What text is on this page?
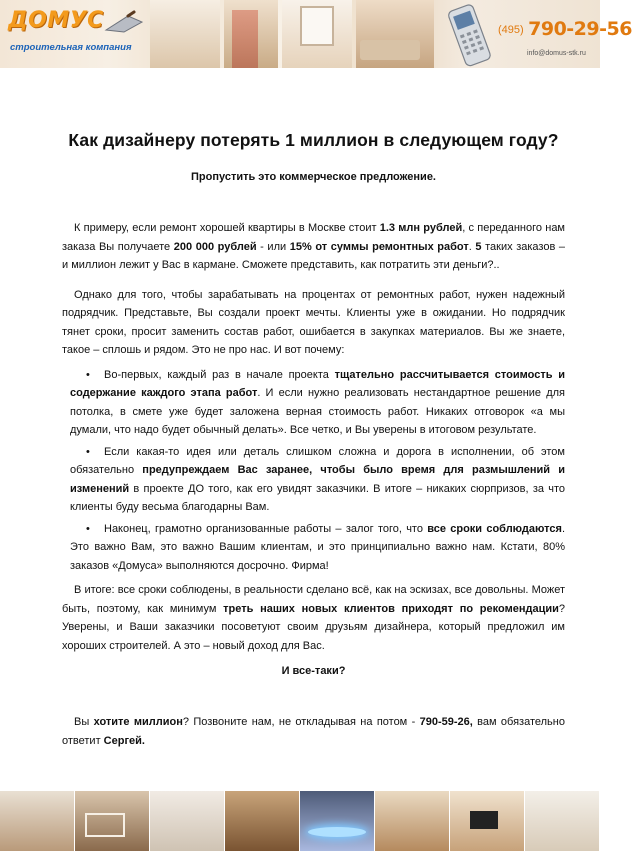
ДОМУС
строительная компания
$^{(495)}$ 790-29-56
info@domus-stk.ru
Как дизайнеру потерять 1 миллион в следующем году?
Пропустить это коммерческое предложение.

К примеру, если ремонт хорошей квартиры в Москве стоит 1.3 млн рублей, с переданного нам заказа Вы получаете 200 000 рублей - или 15% от суммы ремонтных работ. 5 таких заказов – и миллион лежит у Вас в кармане. Сможете представить, как потратить эти деньги?..

Однако для того, чтобы зарабатывать на процентах от ремонтных работ, нужен надежный подрядчик. Представьте, Вы создали проект мечты. Клиенты уже в ожидании. Но подрядчик тянет сроки, просит заменить состав работ, ошибается в закупках материалов. Вы же знаете, такое – сплошь и рядом. Это не про нас. И вот почему:

• Во-первых, каждый раз в начале проекта тщательно рассчитывается стоимость и содержание каждого этапа работ. И если нужно реализовать нестандартное решение для потолка, в смете уже будет заложена верная стоимость работ. Никаких отговорок «а мы думали, что надо будет обычный делать». Все четко, и Вы уверены в итоговом результате.
• Если какая-то идея или деталь слишком сложна и дорога в исполнении, об этом обязательно предупреждаем Вас заранее, чтобы было время для размышлений и изменений в проекте ДО того, как его увидят заказчики. В итоге – никаких сюрпризов, за что клиенты буду весьма благодарны Вам.
• Наконец, грамотно организованные работы – залог того, что все сроки соблюдаются. Это важно Вам, это важно Вашим клиентам, и это принципиально важно нам. Кстати, 80% заказов «Домуса» выполняются досрочно. Фирма!

В итоге: все сроки соблюдены, в реальности сделано всё, как на эскизах, все довольны. Может быть, поэтому, как минимум треть наших новых клиентов приходят по рекомендации? Уверены, и Ваши заказчики посоветуют своим друзьям дизайнера, который предложил им хороших строителей. А это – новый доход для Вас.

И все-таки?

Вы хотите миллион? Позвоните нам, не откладывая на потом - 790-59-26, вам обязательно ответит Сергей.
